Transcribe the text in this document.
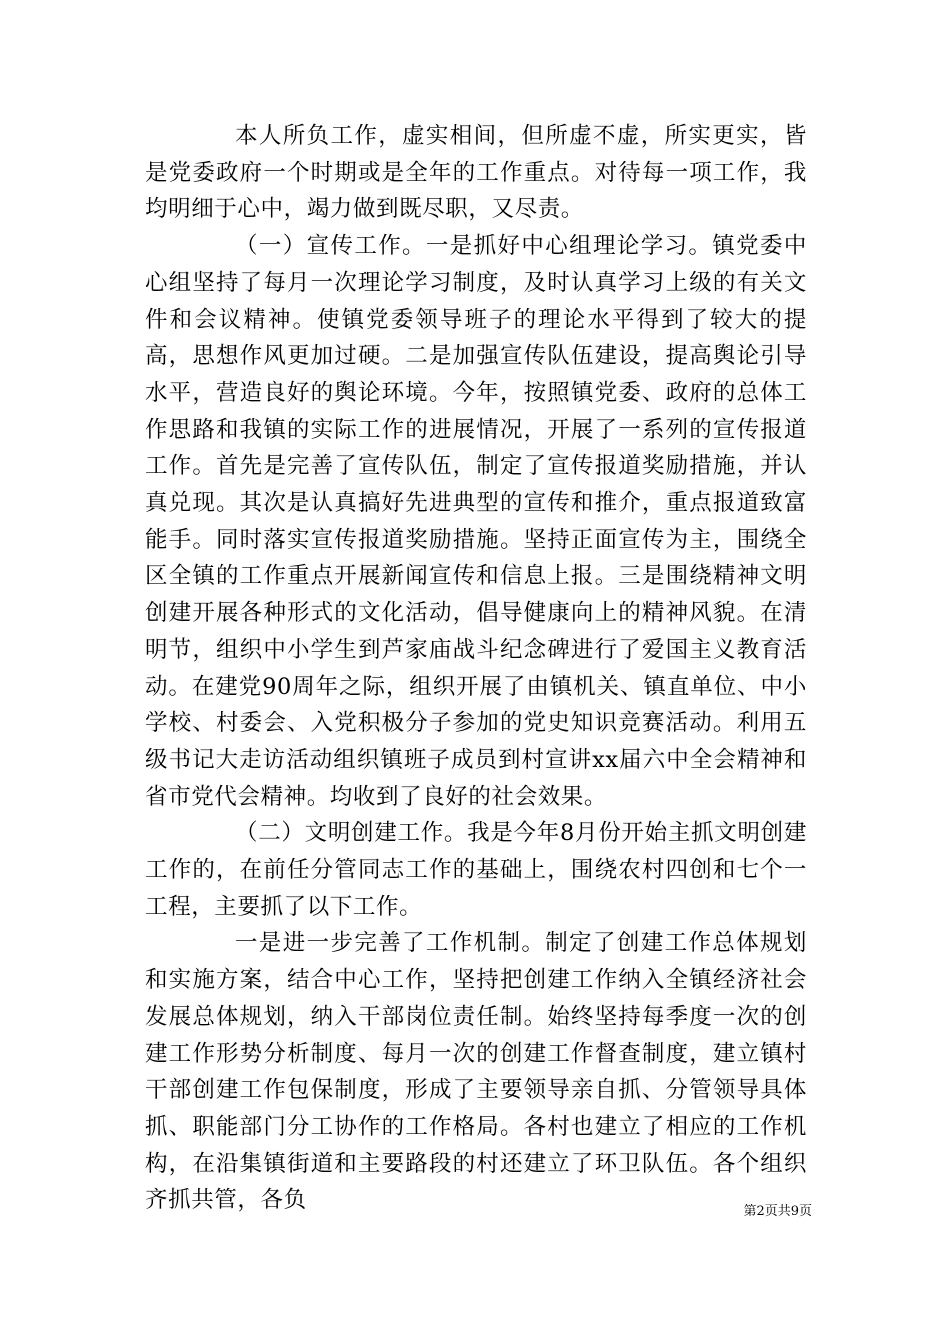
本人所负工作，虚实相间，但所虚不虚，所实更实，皆是党委政府一个时期或是全年的工作重点。对待每一项工作，我均明细于心中，竭力做到既尽职，又尽责。

（一）宣传工作。一是抓好中心组理论学习。镇党委中心组坚持了每月一次理论学习制度，及时认真学习上级的有关文件和会议精神。使镇党委领导班子的理论水平得到了较大的提高，思想作风更加过硬。二是加强宣传队伍建设，提高舆论引导水平，营造良好的舆论环境。今年，按照镇党委、政府的总体工作思路和我镇的实际工作的进展情况，开展了一系列的宣传报道工作。首先是完善了宣传队伍，制定了宣传报道奖励措施，并认真兑现。其次是认真搞好先进典型的宣传和推介，重点报道致富能手。同时落实宣传报道奖励措施。坚持正面宣传为主，围绕全区全镇的工作重点开展新闻宣传和信息上报。三是围绕精神文明创建开展各种形式的文化活动，倡导健康向上的精神风貌。在清明节，组织中小学生到芦家庙战斗纪念碑进行了爱国主义教育活动。在建党90周年之际，组织开展了由镇机关、镇直单位、中小学校、村委会、入党积极分子参加的党史知识竞赛活动。利用五级书记大走访活动组织镇班子成员到村宣讲xx届六中全会精神和省市党代会精神。均收到了良好的社会效果。

（二）文明创建工作。我是今年8月份开始主抓文明创建工作的，在前任分管同志工作的基础上，围绕农村四创和七个一工程，主要抓了以下工作。

一是进一步完善了工作机制。制定了创建工作总体规划和实施方案，结合中心工作，坚持把创建工作纳入全镇经济社会发展总体规划，纳入干部岗位责任制。始终坚持每季度一次的创建工作形势分析制度、每月一次的创建工作督查制度，建立镇村干部创建工作包保制度，形成了主要领导亲自抓、分管领导具体抓、职能部门分工协作的工作格局。各村也建立了相应的工作机构，在沿集镇街道和主要路段的村还建立了环卫队伍。各个组织齐抓共管，各负	第2页共9页
